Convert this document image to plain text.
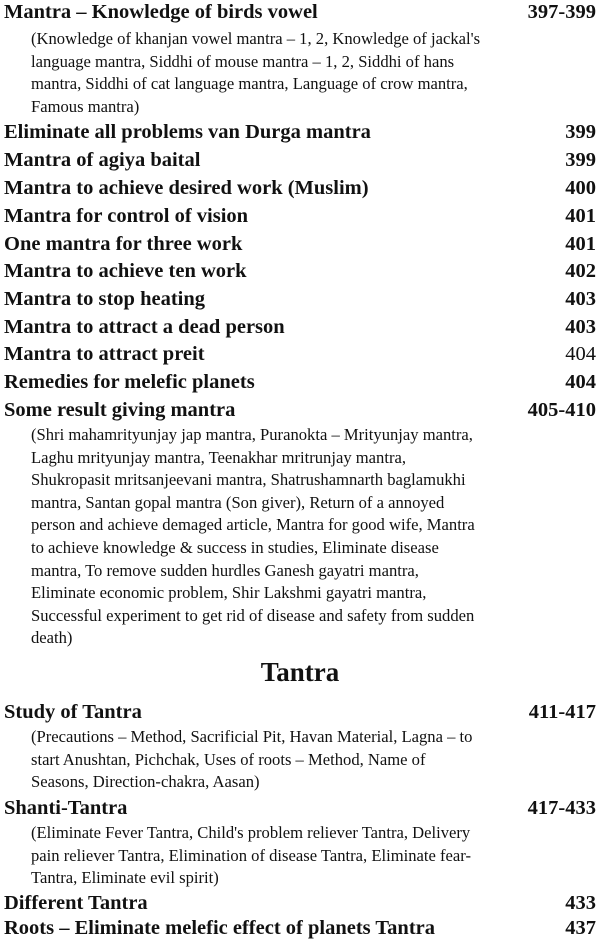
Mantra – Knowledge of birds vowel	397-399
(Knowledge of khanjan vowel mantra – 1, 2, Knowledge of jackal's
language mantra, Siddhi of mouse mantra – 1, 2, Siddhi of hans
mantra, Siddhi of cat language mantra, Language of crow mantra,
Famous mantra)
Eliminate all problems van Durga mantra	399
Mantra of agiya baital	399
Mantra to achieve desired work (Muslim)	400
Mantra for control of vision	401
One mantra for three work	401
Mantra to achieve ten work	402
Mantra to stop heating	403
Mantra to attract a dead person	403
Mantra to attract preit	404
Remedies for melefic planets	404
Some result giving mantra	405-410
(Shri mahamrityunjay jap mantra, Puranokta – Mrityunjay mantra,
Laghu mrityunjay mantra, Teenakhar mritrunjay mantra,
Shukropasit mritsanjeevani mantra, Shatrushamnarth baglamukhi
mantra, Santan gopal mantra (Son giver), Return of a annoyed
person and achieve demaged article, Mantra for good wife, Mantra
to achieve knowledge & success in studies, Eliminate disease
mantra, To remove sudden hurdles Ganesh gayatri mantra,
Eliminate economic problem, Shir Lakshmi gayatri mantra,
Successful experiment to get rid of disease and safety from sudden
death)
Tantra
Study of Tantra	411-417
(Precautions – Method, Sacrificial Pit, Havan Material, Lagna – to
start Anushtan, Pichchak, Uses of roots – Method, Name of
Seasons, Direction-chakra, Aasan)
Shanti-Tantra	417-433
(Eliminate Fever Tantra, Child's problem reliever Tantra, Delivery
pain reliever Tantra, Elimination of disease Tantra, Eliminate fear-
Tantra, Eliminate evil spirit)
Different Tantra	433
Roots – Eliminate melefic effect of planets Tantra	437
